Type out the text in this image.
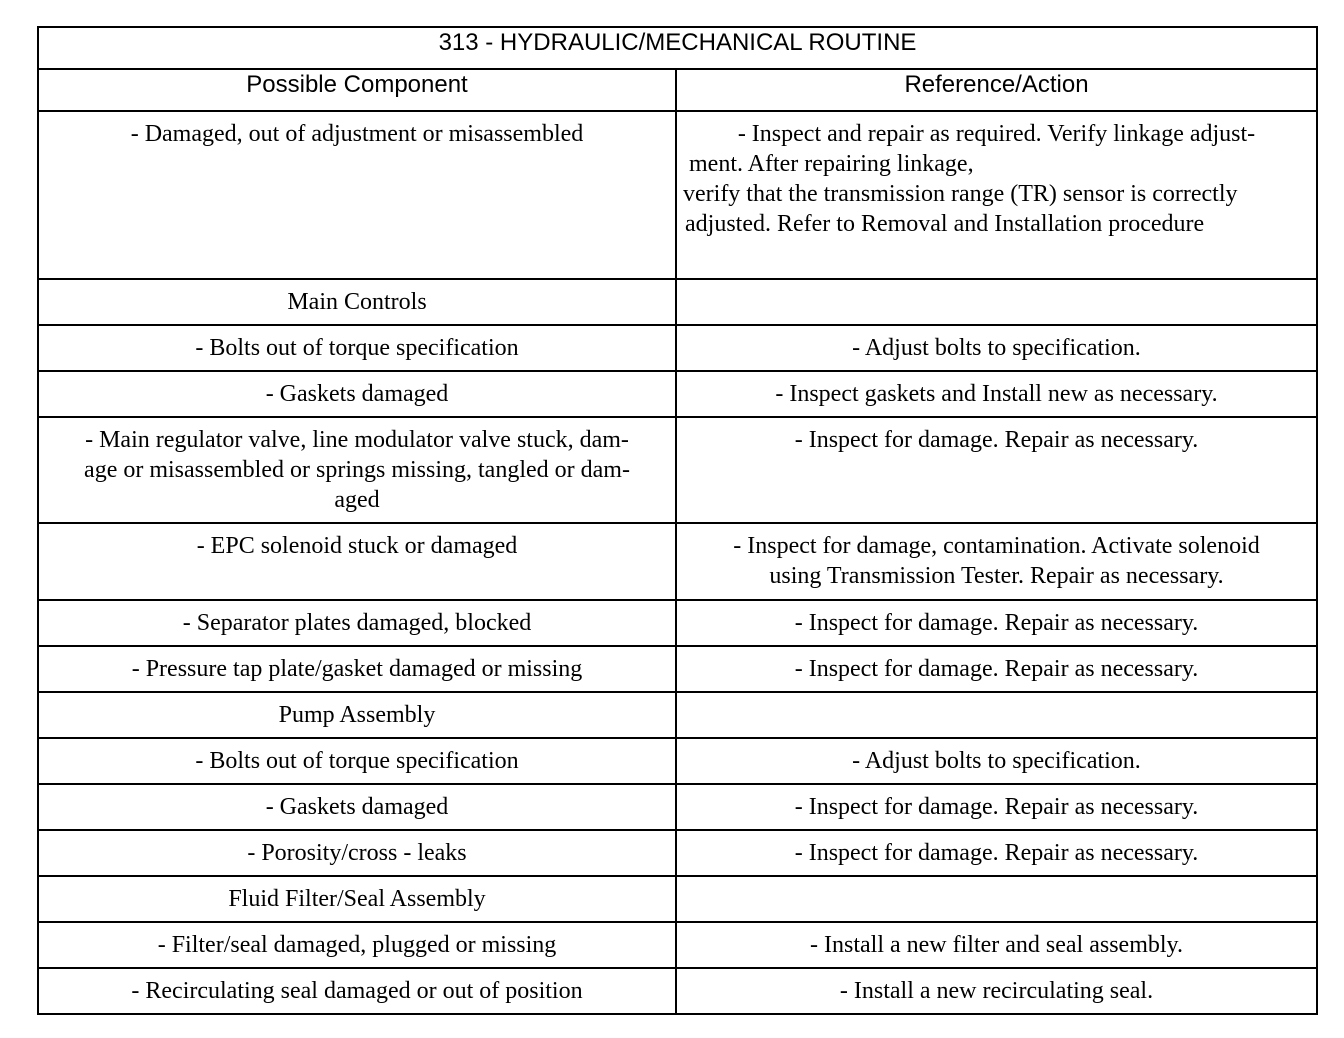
313 - HYDRAULIC/MECHANICAL ROUTINE	
Possible Component	Reference/Action

- Damaged, out of adjustment or misassembled	- Inspect and repair as required. Verify linkage adjust-
ment. After repairing linkage,
verify that the transmission range (TR) sensor is correctly
adjusted. Refer to Removal and Installation procedure

Main Controls	

- Bolts out of torque specification	- Adjust bolts to specification.

- Gaskets damaged	- Inspect gaskets and Install new as necessary.

- Main regulator valve, line modulator valve stuck, dam-
age or misassembled or springs missing, tangled or dam-
aged	- Inspect for damage. Repair as necessary.

- EPC solenoid stuck or damaged	- Inspect for damage, contamination. Activate solenoid
using Transmission Tester. Repair as necessary.

- Separator plates damaged, blocked	- Inspect for damage. Repair as necessary.

- Pressure tap plate/gasket damaged or missing	- Inspect for damage. Repair as necessary.

Pump Assembly	

- Bolts out of torque specification	- Adjust bolts to specification.

- Gaskets damaged	- Inspect for damage. Repair as necessary.

- Porosity/cross - leaks	- Inspect for damage. Repair as necessary.

Fluid Filter/Seal Assembly	

- Filter/seal damaged, plugged or missing	- Install a new filter and seal assembly.

- Recirculating seal damaged or out of position	- Install a new recirculating seal.
